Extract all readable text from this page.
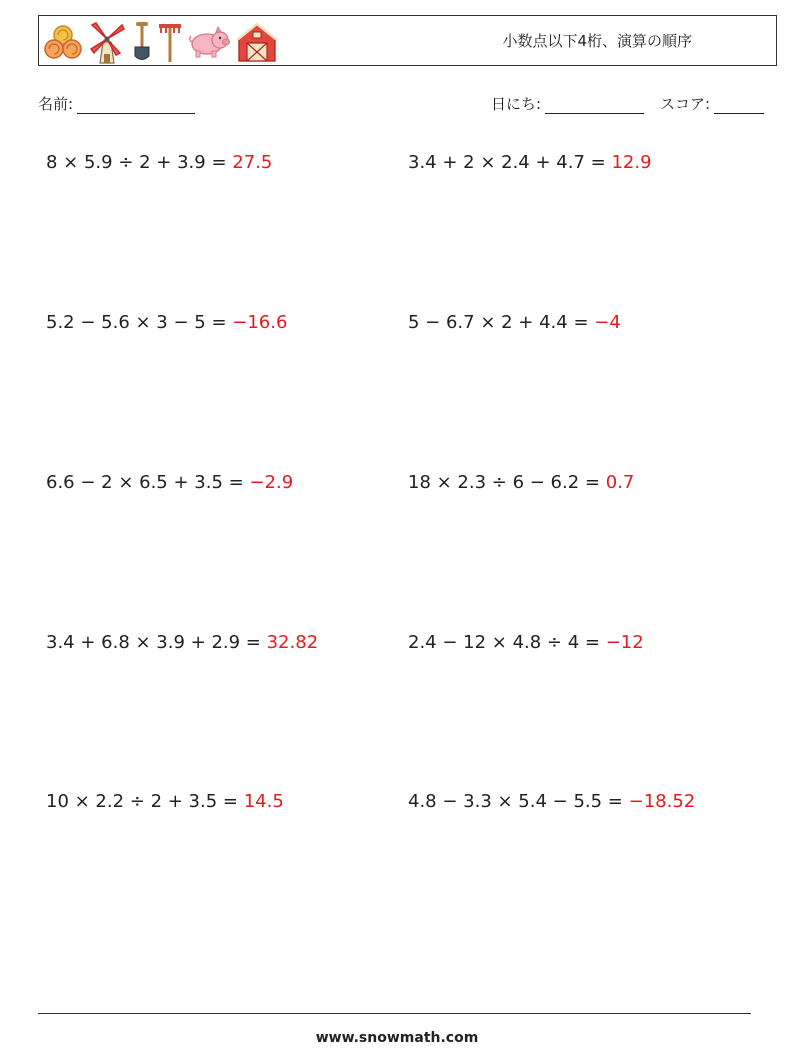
小数点以下4桁、演算の順序
名前:	日にち:	スコア:
8 × 5.9 ÷ 2 + 3.9 = 27.5	3.4 + 2 × 2.4 + 4.7 = 12.9
5.2 − 5.6 × 3 − 5 = −16.6	5 − 6.7 × 2 + 4.4 = −4
6.6 − 2 × 6.5 + 3.5 = −2.9	18 × 2.3 ÷ 6 − 6.2 = 0.7
3.4 + 6.8 × 3.9 + 2.9 = 32.82	2.4 − 12 × 4.8 ÷ 4 = −12
10 × 2.2 ÷ 2 + 3.5 = 14.5	4.8 − 3.3 × 5.4 − 5.5 = −18.52
www.snowmath.com
